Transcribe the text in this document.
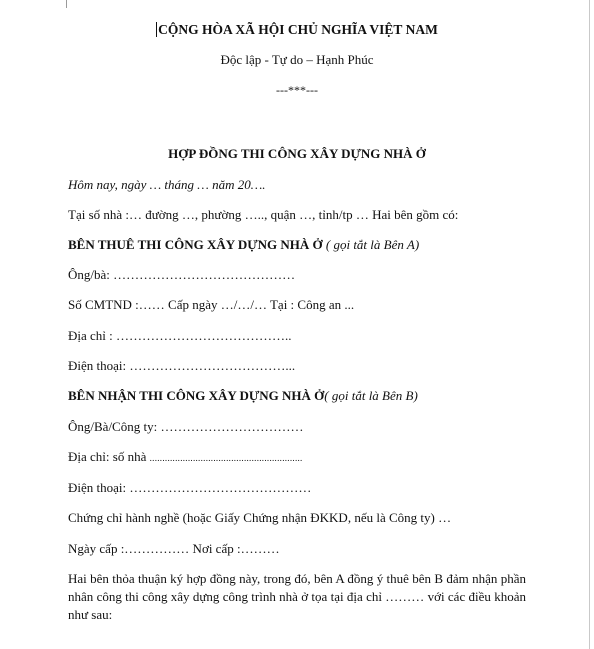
CỘNG HÒA XÃ HỘI CHỦ NGHĨA VIỆT NAM
Độc lập - Tự do – Hạnh Phúc
---***---
HỢP ĐỒNG THI CÔNG XÂY DỰNG NHÀ Ở
Hôm nay, ngày … tháng … năm 20….
Tại số nhà :… đường …, phường ….., quận …, tỉnh/tp … Hai bên gồm có:
BÊN THUÊ THI CÔNG XÂY DỰNG NHÀ Ở ( gọi tắt là Bên A)
Ông/bà: ……………………………………
Số CMTND :…… Cấp ngày …/…/… Tại : Công an ...
Địa chỉ : …………………………………..
Điện thoại: ………………………………...
BÊN NHẬN THI CÔNG XÂY DỰNG NHÀ Ở( gọi tắt là Bên B)
Ông/Bà/Công ty: ……………………………
Địa chỉ: số nhà ............................................................
Điện thoại: ……………………………………
Chứng chỉ hành nghề (hoặc Giấy Chứng nhận ĐKKD, nếu là Công ty) …
Ngày cấp :…………… Nơi cấp :………
Hai bên thỏa thuận ký hợp đồng này, trong đó, bên A đồng ý thuê bên B đảm nhận phần nhân công thi công xây dựng công trình nhà ở tọa tại địa chỉ ……… với các điều khoản như sau:
